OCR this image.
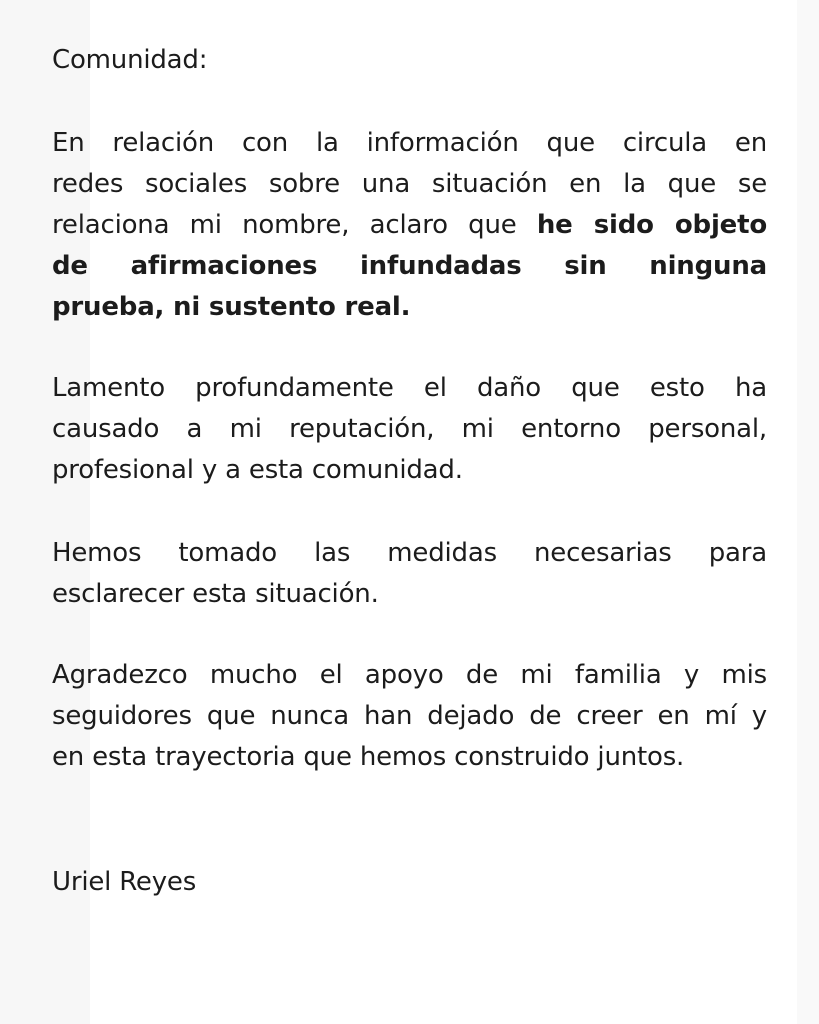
Comunidad:
En relación con la información que circula en
redes sociales sobre una situación en la que se
relaciona mi nombre, aclaro que he sido objeto
de afirmaciones infundadas sin ninguna
prueba, ni sustento real.
Lamento profundamente el daño que esto ha
causado a mi reputación, mi entorno personal,
profesional y a esta comunidad.
Hemos tomado las medidas necesarias para
esclarecer esta situación.
Agradezco mucho el apoyo de mi familia y mis
seguidores que nunca han dejado de creer en mí y
en esta trayectoria que hemos construido juntos.
Uriel Reyes
